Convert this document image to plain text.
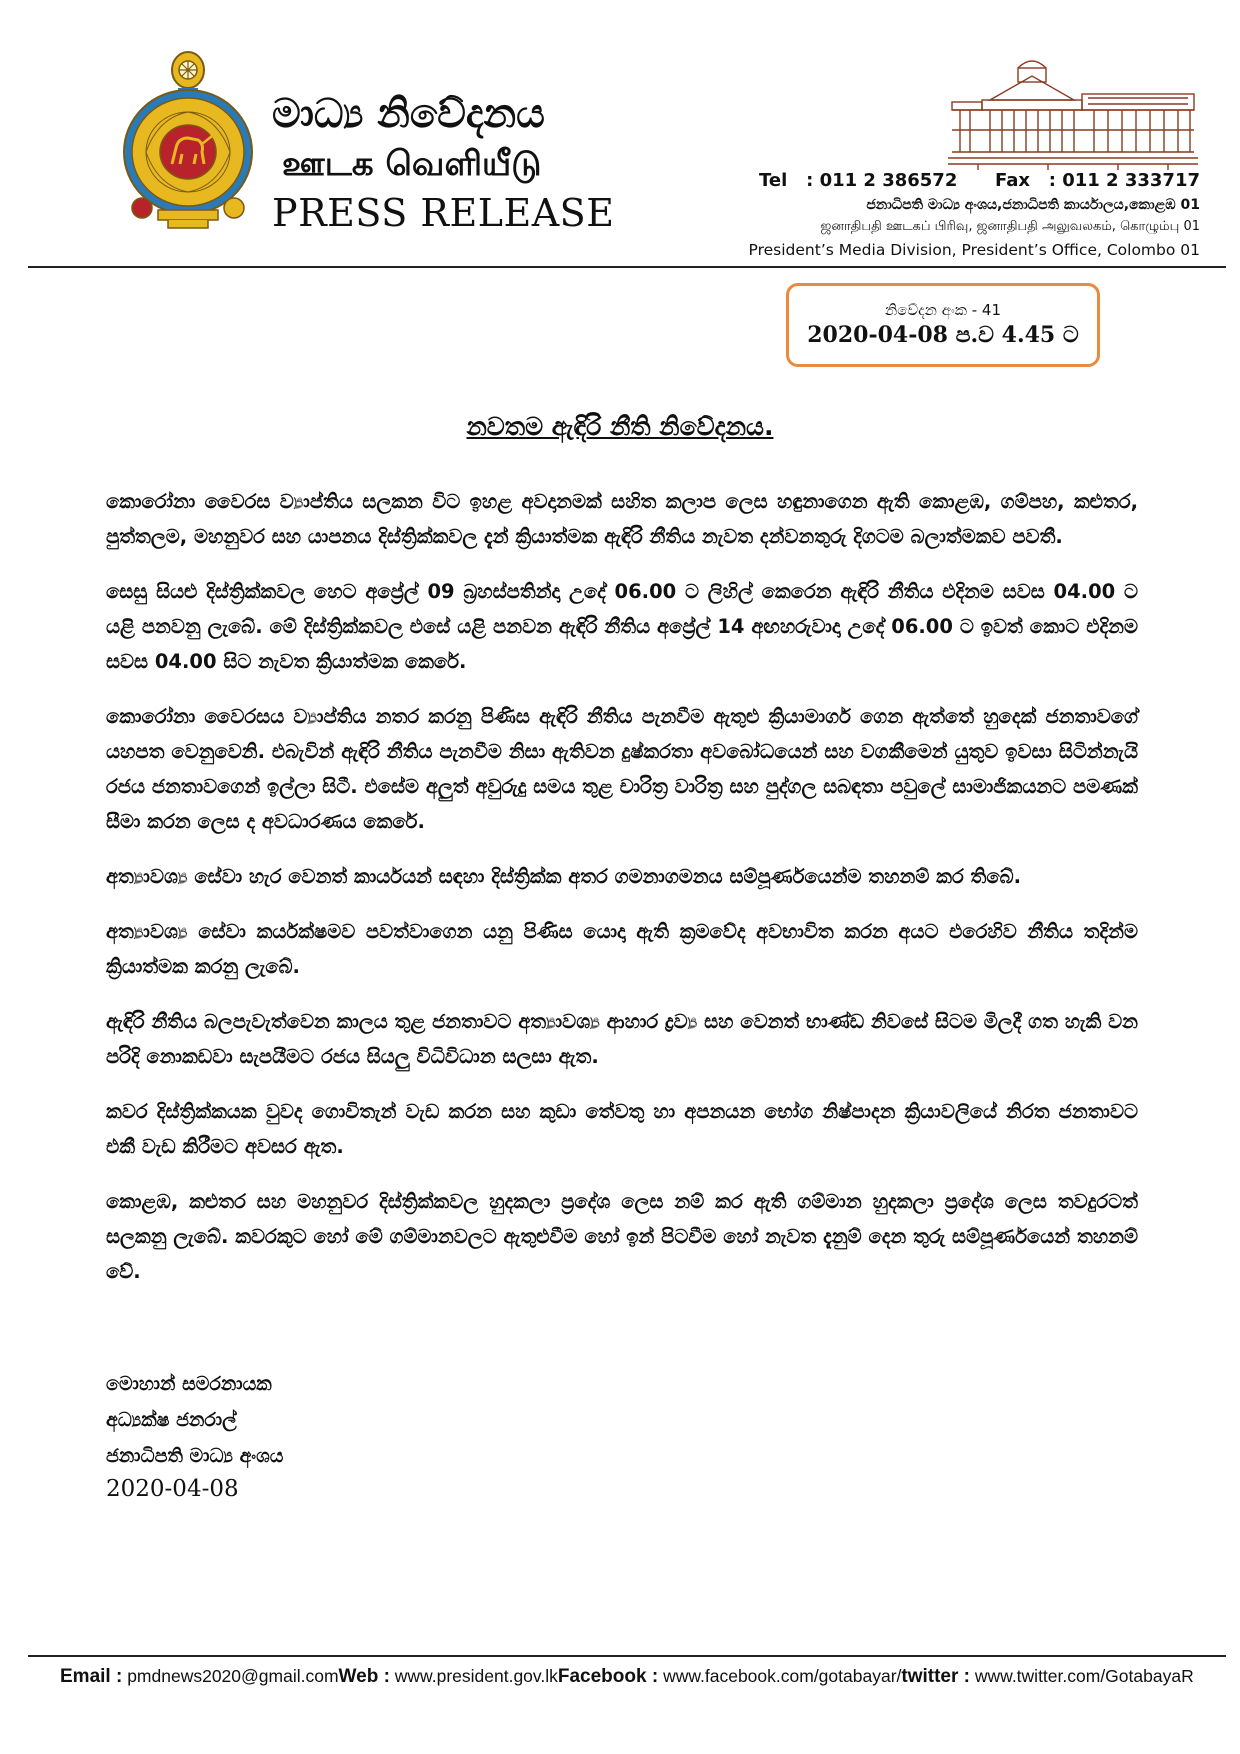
මාධ්‍ය නිවේදනය
ஊடக வெளியீடு
PRESS RELEASE
Tel   : 011 2 386572      Fax   : 011 2 333717
ජනාධිපති මාධ්‍ය අංශය,ජනාධිපති කාර්යාලය,කොළඹ 01
ஜனாதிபதி ஊடகப் பிரிவு, ஜனாதிபதி அலுவலகம், கொழும்பு 01
President’s Media Division, President’s Office, Colombo 01
නිවේදන අංක - 41
2020-04-08 ප.ව 4.45 ට
නවතම ඇඳිරි නීති නිවේදනය.

කොරෝනා වෛරස ව්‍යාප්තිය සලකන විට ඉහළ අවදානමක් සහිත කලාප ලෙස හඳුනාගෙන ඇති කොළඹ, ගම්පහ, කළුතර, පුත්තලම, මහනුවර සහ යාපනය දිස්ත්‍රික්කවල දැන් ක්‍රියාත්මක ඇඳිරි නීතිය නැවත දන්වනතුරු දිගටම බලාත්මකව පවතී.

සෙසු සියළු දිස්ත්‍රික්කවල හෙට අප්‍රේල් 09 බ්‍රහස්පතින්දා උදේ 06.00 ට ලිහිල් කෙරෙන ඇඳිරි නීතිය එදිනම සවස 04.00 ට යළි පනවනු ලැබේ. මේ දිස්ත්‍රික්කවල එසේ යළි පනවන ඇඳිරි නීතිය අප්‍රේල් 14 අඟහරුවාදා උදේ 06.00 ට ඉවත් කොට එදිනම සවස 04.00 සිට නැවත ක්‍රියාත්මක කෙරේ.

කොරෝනා වෛරසය ව්‍යාප්තිය නතර කරනු පිණිස ඇඳිරි නීතිය පැනවීම ඇතුළු ක්‍රියාමාර්ග ගෙන ඇත්තේ හුදෙක් ජනතාවගේ යහපත වෙනුවෙනි. එබැවින් ඇඳිරි නීතිය පැනවීම නිසා ඇතිවන දුෂ්කරතා අවබෝධයෙන් සහ වගකීමෙන් යුතුව ඉවසා සිටින්නැයි රජය ජනතාවගෙන් ඉල්ලා සිටී. එසේම අලුත් අවුරුදු සමය තුළ චාරිත්‍ර වාරිත්‍ර සහ පුද්ගල සබඳතා පවුලේ සාමාජිකයනට පමණක් සීමා කරන ලෙස ද අවධාරණය කෙරේ.

අත්‍යාවශ්‍ය සේවා හැර වෙනත් කාර්යයන් සඳහා දිස්ත්‍රික්ක අතර ගමනාගමනය සම්පූර්ණයෙන්ම තහනම් කර තිබේ.

අත්‍යාවශ්‍ය සේවා කර්යක්ෂමව පවත්වාගෙන යනු පිණිස යොදා ඇති ක්‍රමවේද අවභාවිත කරන අයට එරෙහිව නීතිය තදින්ම ක්‍රියාත්මක කරනු ලැබේ.

ඇඳිරි නීතිය බලපැවැත්වෙන කාලය තුළ ජනතාවට අත්‍යාවශ්‍ය ආහාර ද්‍රව්‍ය සහ වෙනත් භාණ්ඩ නිවසේ සිටම මිලදී ගත හැකි වන පරිදි නොකඩවා සැපයීමට රජය සියලු විධිවිධාන සලසා ඇත.

කවර දිස්ත්‍රික්කයක වුවද ගොවිතැන් වැඩ කරන සහ කුඩා තේවතු හා අපනයන භෝග නිෂ්පාදන ක්‍රියාවලියේ නිරත ජනතාවට එකී වැඩ කිරීමට අවසර ඇත.

කොළඹ, කළුතර සහ මහනුවර දිස්ත්‍රික්කවල හුදකලා ප්‍රදේශ ලෙස නම් කර ඇති ගම්මාන හුදකලා ප්‍රදේශ ලෙස තවදුරටත් සලකනු ලැබේ. කවරකුට හෝ මේ ගම්මානවලට ඇතුළුවීම හෝ ඉන් පිටවීම හෝ නැවත දැනුම් දෙන තුරු සම්පූර්ණයෙන් තහනම් වේ.

මොහාන් සමරනායක
අධ්‍යක්ෂ ජනරාල්
ජනාධිපති මාධ්‍ය අංශය
2020-04-08
Email : pmdnews2020@gmail.com Web : www.president.gov.lk Facebook : www.facebook.com/gotabayar/ twitter : www.twitter.com/GotabayaR
